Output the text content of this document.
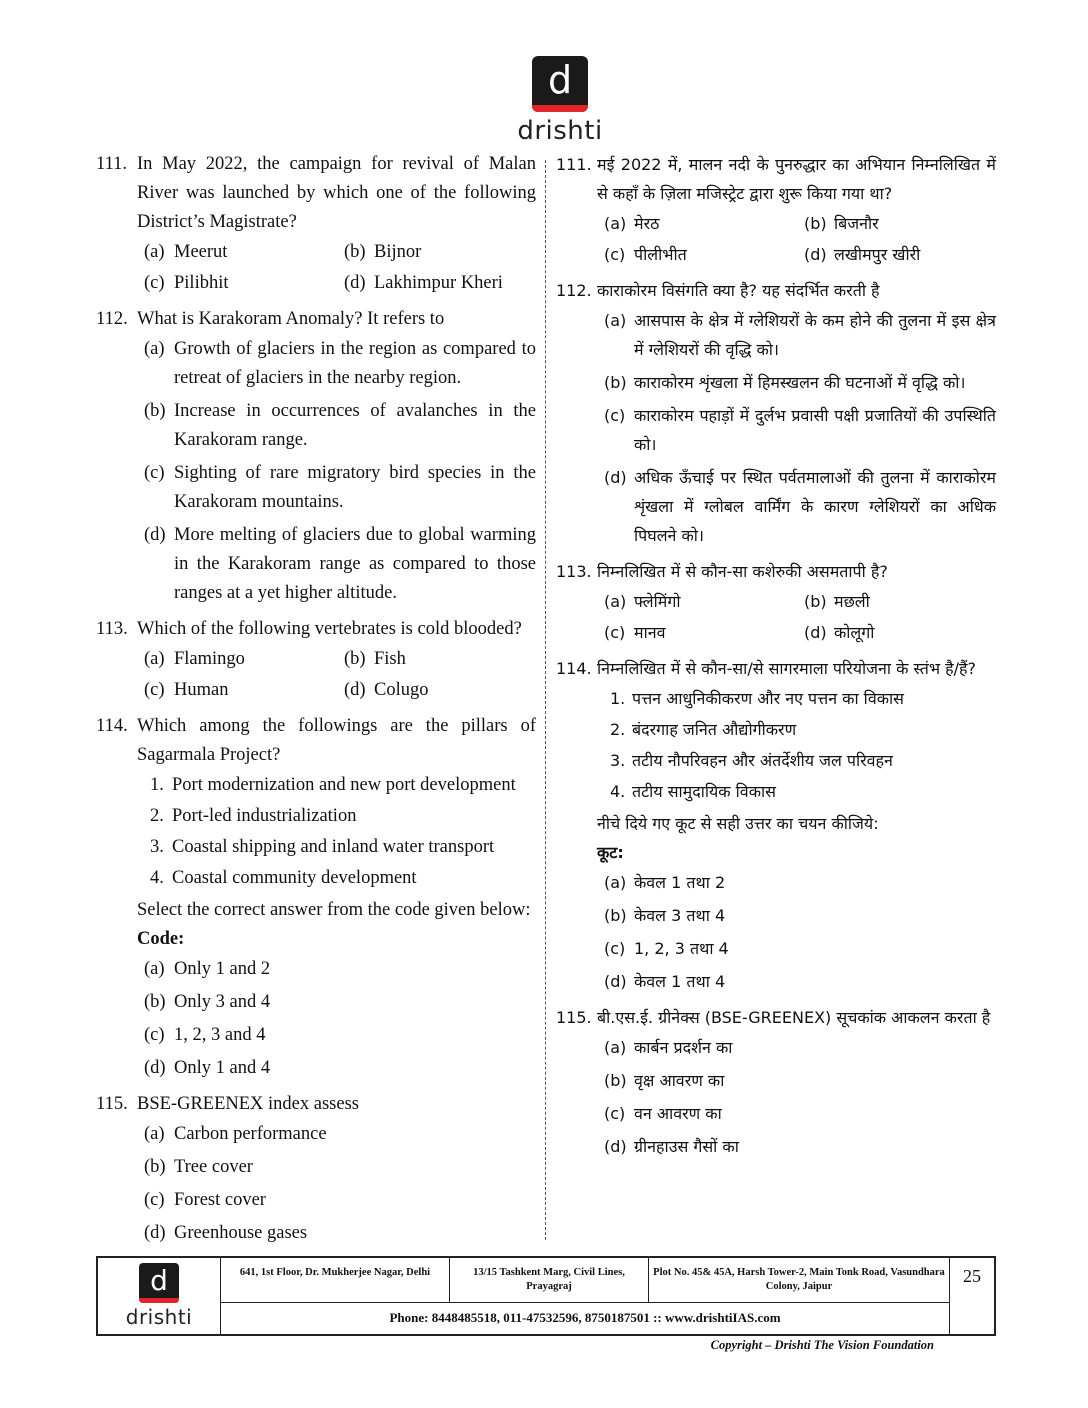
d
drishti
111. In May 2022, the campaign for revival of Malan River was launched by which one of the following District’s Magistrate?
(a) Meerut	(b) Bijnor
(c) Pilibhit	(d) Lakhimpur Kheri
112. What is Karakoram Anomaly? It refers to
(a) Growth of glaciers in the region as compared to retreat of glaciers in the nearby region.
(b) Increase in occurrences of avalanches in the Karakoram range.
(c) Sighting of rare migratory bird species in the Karakoram mountains.
(d) More melting of glaciers due to global warming in the Karakoram range as compared to those ranges at a yet higher altitude.
113. Which of the following vertebrates is cold blooded?
(a) Flamingo	(b) Fish
(c) Human	(d) Colugo
114. Which among the followings are the pillars of Sagarmala Project?
1. Port modernization and new port development
2. Port-led industrialization
3. Coastal shipping and inland water transport
4. Coastal community development
Select the correct answer from the code given below:
Code:
(a) Only 1 and 2
(b) Only 3 and 4
(c) 1, 2, 3 and 4
(d) Only 1 and 4
115. BSE-GREENEX index assess
(a) Carbon performance
(b) Tree cover
(c) Forest cover
(d) Greenhouse gases
111. मई 2022 में, मालन नदी के पुनरुद्धार का अभियान निम्नलिखित में से कहाँ के ज़िला मजिस्ट्रेट द्वारा शुरू किया गया था?
(a) मेरठ	(b) बिजनौर
(c) पीलीभीत	(d) लखीमपुर खीरी
112. काराकोरम विसंगति क्या है? यह संदर्भित करती है
(a) आसपास के क्षेत्र में ग्लेशियरों के कम होने की तुलना में इस क्षेत्र में ग्लेशियरों की वृद्धि को।
(b) काराकोरम शृंखला में हिमस्खलन की घटनाओं में वृद्धि को।
(c) काराकोरम पहाड़ों में दुर्लभ प्रवासी पक्षी प्रजातियों की उपस्थिति को।
(d) अधिक ऊँचाई पर स्थित पर्वतमालाओं की तुलना में काराकोरम शृंखला में ग्लोबल वार्मिंग के कारण ग्लेशियरों का अधिक पिघलने को।
113. निम्नलिखित में से कौन-सा कशेरुकी असमतापी है?
(a) फ्लेमिंगो	(b) मछली
(c) मानव	(d) कोलूगो
114. निम्नलिखित में से कौन-सा/से सागरमाला परियोजना के स्तंभ है/हैं?
1. पत्तन आधुनिकीकरण और नए पत्तन का विकास
2. बंदरगाह जनित औद्योगीकरण
3. तटीय नौपरिवहन और अंतर्देशीय जल परिवहन
4. तटीय सामुदायिक विकास
नीचे दिये गए कूट से सही उत्तर का चयन कीजिये:
कूट:
(a) केवल 1 तथा 2
(b) केवल 3 तथा 4
(c) 1, 2, 3 तथा 4
(d) केवल 1 तथा 4
115. बी.एस.ई. ग्रीनेक्स (BSE-GREENEX) सूचकांक आकलन करता है
(a) कार्बन प्रदर्शन का
(b) वृक्ष आवरण का
(c) वन आवरण का
(d) ग्रीनहाउस गैसों का
d
drishti
641, 1st Floor, Dr. Mukherjee Nagar, Delhi	13/15 Tashkent Marg, Civil Lines, Prayagraj
Plot No. 45& 45A, Harsh Tower-2, Main Tonk Road, Vasundhara Colony, Jaipur
Phone: 8448485518, 011-47532596, 8750187501 :: www.drishtiIAS.com
25
Copyright – Drishti The Vision Foundation
